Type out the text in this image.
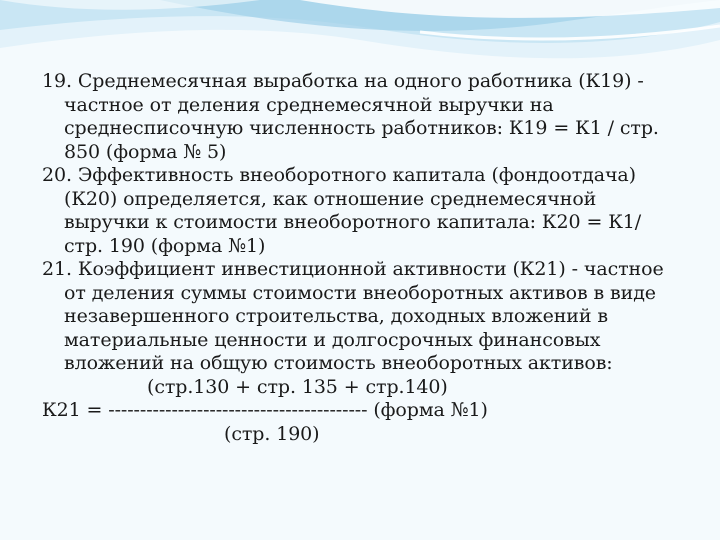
19. Среднемесячная выработка на одного работника (К19) - частное от деления среднемесячной выручки на среднесписочную численность работников: К19 = К1 / стр. 850 (форма № 5)

20. Эффективность внеоборотного капитала (фондоотдача) (К20) определяется, как отношение среднемесячной выручки к стоимости внеоборотного капитала: К20 = К1/ стр. 190 (форма №1)

21. Коэффициент инвестиционной активности (К21) - частное от деления суммы стоимости внеоборотных активов в виде незавершенного строительства, доходных вложений в материальные ценности и долгосрочных финансовых вложений на общую стоимость внеоборотных активов:

(стр.130 + стр. 135 + стр.140)

К21 = ----------------------------------------- (форма №1)

(стр. 190)
